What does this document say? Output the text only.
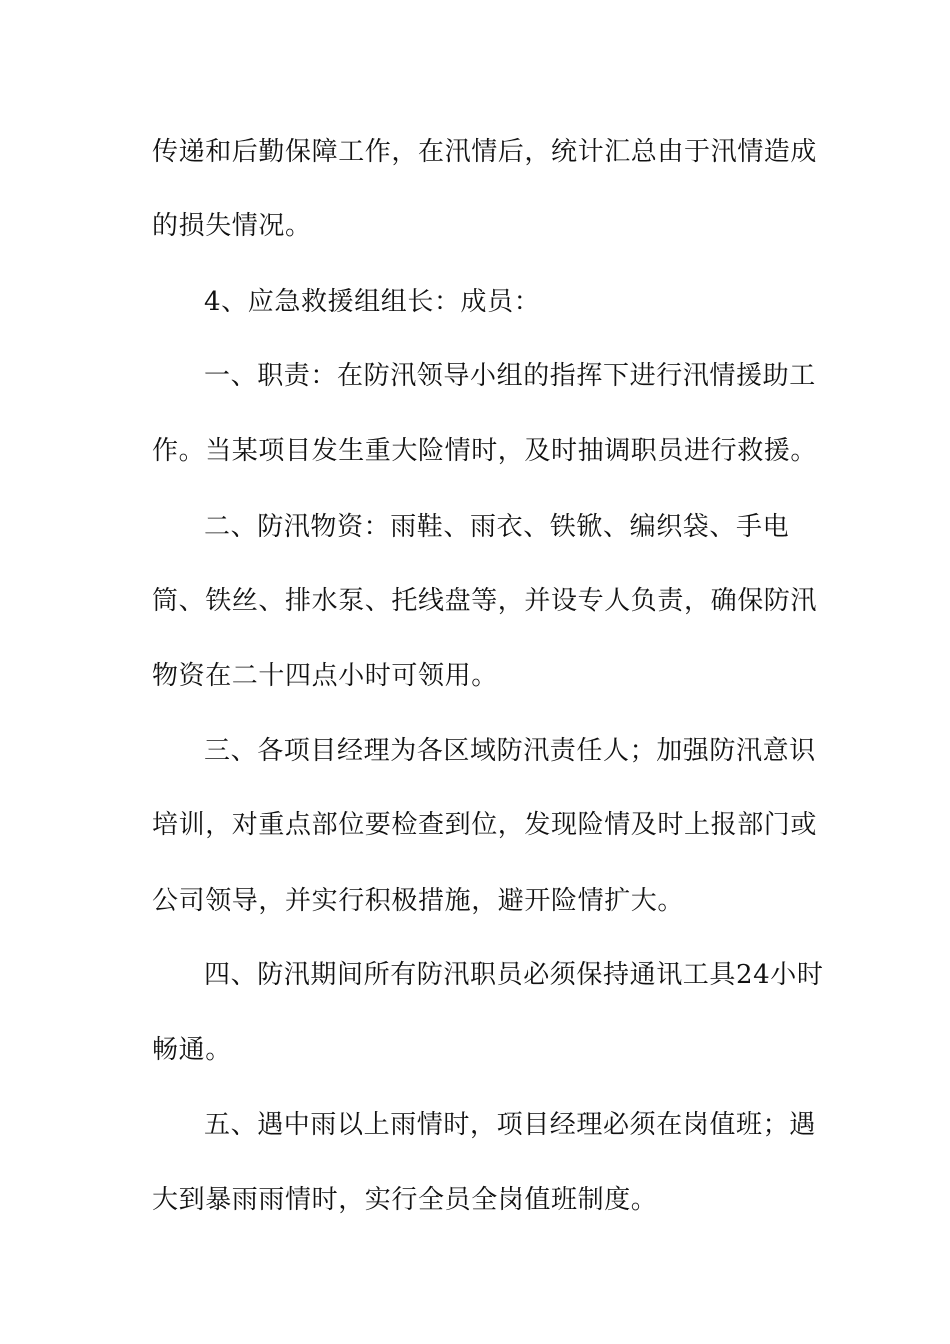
传递和后勤保障工作，在汛情后，统计汇总由于汛情造成
的损失情况。
4、应急救援组组长：成员：
一、职责：在防汛领导小组的指挥下进行汛情援助工
作。当某项目发生重大险情时，及时抽调职员进行救援。
二、防汛物资：雨鞋、雨衣、铁锨、编织袋、手电
筒、铁丝、排水泵、托线盘等，并设专人负责，确保防汛
物资在二十四点小时可领用。
三、各项目经理为各区域防汛责任人；加强防汛意识
培训，对重点部位要检查到位，发现险情及时上报部门或
公司领导，并实行积极措施，避开险情扩大。
四、防汛期间所有防汛职员必须保持通讯工具24小时
畅通。
五、遇中雨以上雨情时，项目经理必须在岗值班；遇
大到暴雨雨情时，实行全员全岗值班制度。
